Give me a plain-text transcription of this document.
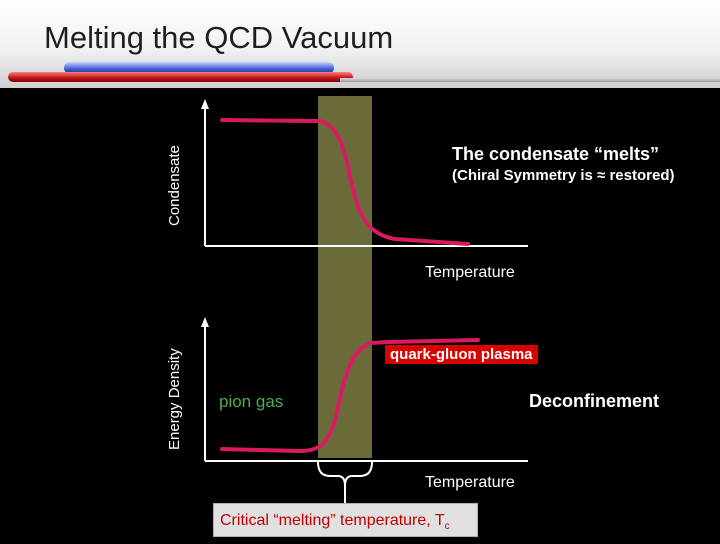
Melting the QCD Vacuum
Condensate
Temperature
The condensate “melts”
(Chiral Symmetry is ≈ restored)
Energy Density	quark-gluon plasma
pion gas	Deconfinement
Temperature
Critical “melting” temperature, $T_c$
